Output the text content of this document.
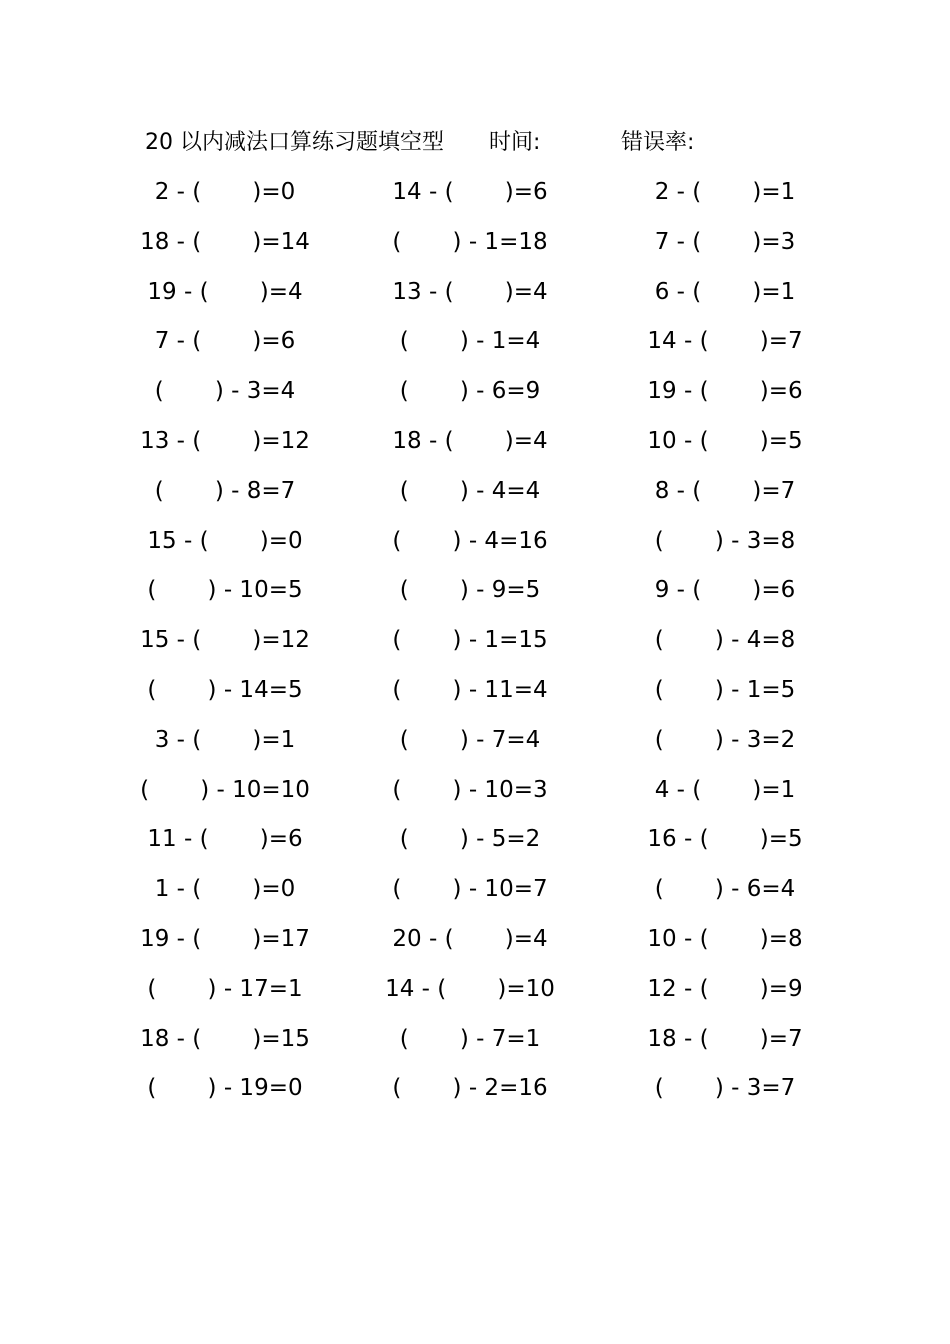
20 以内减法口算练习题填空型 时间:	错误率:
2 - (       )=0	14 - (       )=6	2 - (       )=1
18 - (       )=14	(       ) - 1=18	7 - (       )=3
19 - (       )=4	13 - (       )=4	6 - (       )=1
7 - (       )=6	(       ) - 1=4	14 - (       )=7
(       ) - 3=4	(       ) - 6=9	19 - (       )=6
13 - (       )=12	18 - (       )=4	10 - (       )=5
(       ) - 8=7	(       ) - 4=4	8 - (       )=7
15 - (       )=0	(       ) - 4=16	(       ) - 3=8
(       ) - 10=5	(       ) - 9=5	9 - (       )=6
15 - (       )=12	(       ) - 1=15	(       ) - 4=8
(       ) - 14=5	(       ) - 11=4	(       ) - 1=5
3 - (       )=1	(       ) - 7=4	(       ) - 3=2
(       ) - 10=10	(       ) - 10=3	4 - (       )=1
11 - (       )=6	(       ) - 5=2	16 - (       )=5
1 - (       )=0	(       ) - 10=7	(       ) - 6=4
19 - (       )=17	20 - (       )=4	10 - (       )=8
(       ) - 17=1	14 - (       )=10	12 - (       )=9
18 - (       )=15	(       ) - 7=1	18 - (       )=7
(       ) - 19=0	(       ) - 2=16	(       ) - 3=7
